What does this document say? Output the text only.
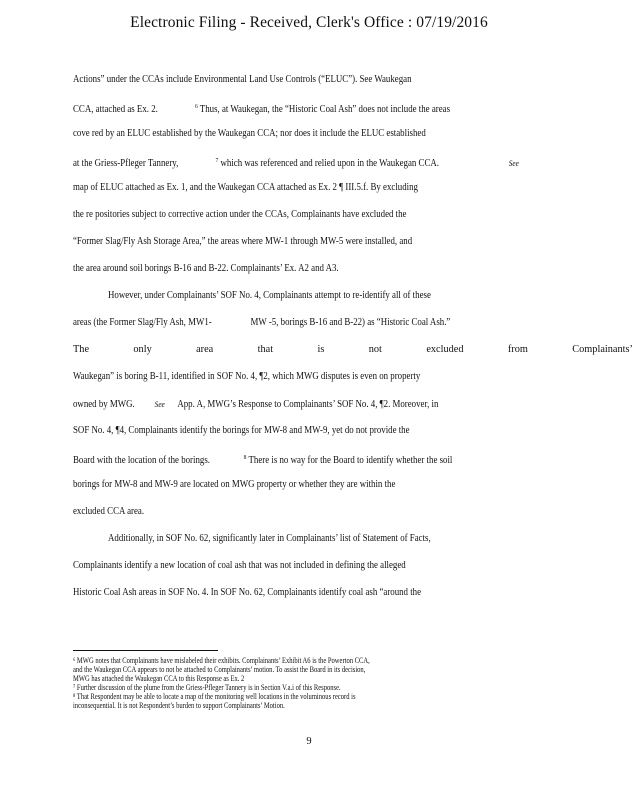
Electronic Filing - Received, Clerk's Office : 07/19/2016
Actions” under the CCAs include Environmental Land Use Controls (“ELUC”). See Waukegan
CCA, attached as Ex. 2.	$^6$ Thus, at Waukegan, the “Historic Coal Ash” does not include the areas
cove red by an ELUC established by the Waukegan CCA; nor does it include the ELUC established
at the Griess-Pfleger Tannery,	$^7$ which was referenced and relied upon in the Waukegan CCA.	See
map of ELUC attached as Ex. 1, and the Waukegan CCA attached as Ex. 2 ¶ III.5.f. By excluding
the re positories subject to corrective action under the CCAs, Complainants have excluded the
“Former Slag/Fly Ash Storage Area,” the areas where MW-1 through MW-5 were installed, and
the area around soil borings B-16 and B-22. Complainants’ Ex. A2 and A3.
However, under Complainants’ SOF No. 4, Complainants attempt to re-identify all of these
areas (the Former Slag/Fly Ash, MW1-	MW -5, borings B-16 and B-22) as “Historic Coal Ash.”
The	only	area	that	is	not	excluded	from	Complainants’
Waukegan” is boring B-11, identified in SOF No. 4, ¶2, which MWG disputes is even on property
owned by MWG. See App. A, MWG’s Response to Complainants’ SOF No. 4, ¶2. Moreover, in
SOF No. 4, ¶4, Complainants identify the borings for MW-8 and MW-9, yet do not provide the
Board with the location of the borings.	$^8$ There is no way for the Board to identify whether the soil
borings for MW-8 and MW-9 are located on MWG property or whether they are within the
excluded CCA area.
Additionally, in SOF No. 62, significantly later in Complainants’ list of Statement of Facts,
Complainants identify a new location of coal ash that was not included in defining the alleged
Historic Coal Ash areas in SOF No. 4. In SOF No. 62, Complainants identify coal ash “around the
⁶ MWG notes that Complainants have mislabeled their exhibits. Complainants’ Exhibit A6 is the Powerton CCA,
and the Waukegan CCA appears to not be attached to Complainants’ motion. To assist the Board in its decision,
MWG has attached the Waukegan CCA to this Response as Ex. 2
⁷ Further discussion of the plume from the Griess-Pfleger Tannery is in Section V.a.i of this Response.
⁸ That Respondent may be able to locate a map of the monitoring well locations in the voluminous record is
inconsequential. It is not Respondent’s burden to support Complainants’ Motion.
9
